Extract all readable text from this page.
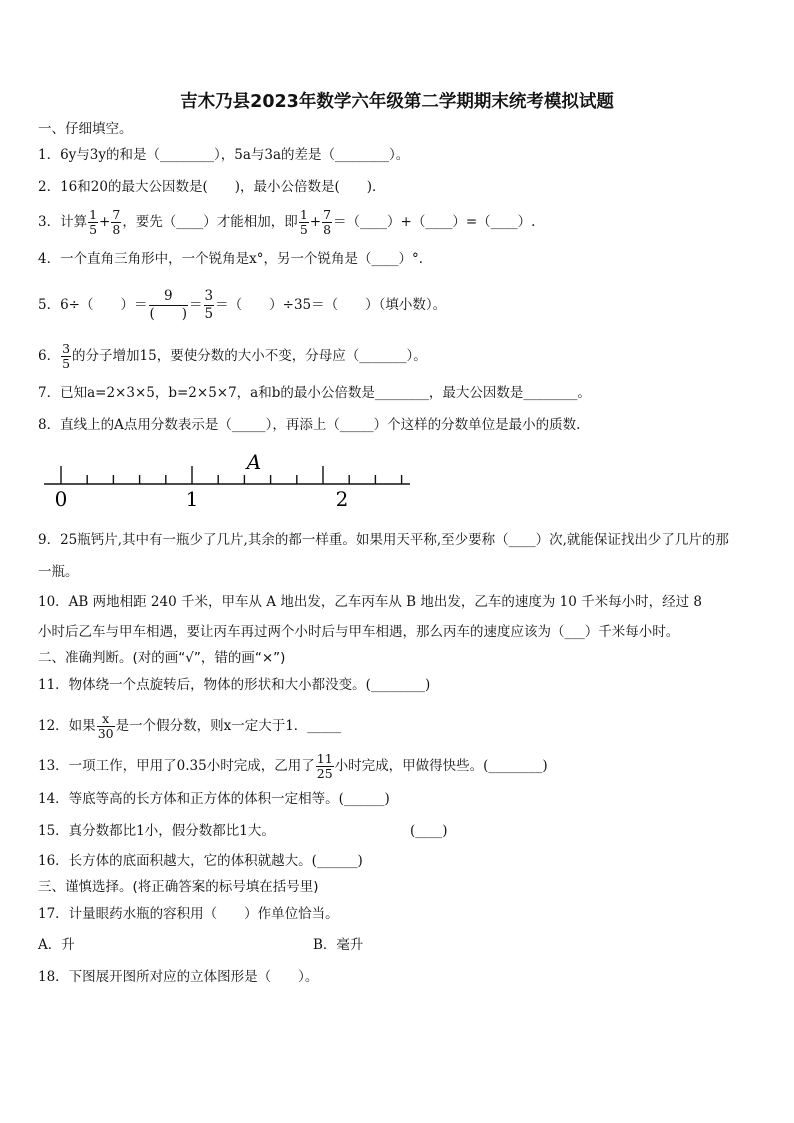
吉木乃县2023年数学六年级第二学期期末统考模拟试题
一、仔细填空。
1．6y与3y的和是（________），5a与3a的差是（________）。
2．16和20的最大公因数是(　　)，最小公倍数是(　　)．
3．计算 $\frac{1}{5} + \frac{7}{8}$ ，要先（____）才能相加，即 $\frac{1}{5} + \frac{7}{8}$ ＝（____）+（____）=（____）.
4．一个直角三角形中，一个锐角是x°，另一个锐角是（____）°．
5．6÷（　　）＝ $\frac{9}{( )} = \frac{3}{5}$ ＝（　　）÷35＝（　　）（填小数）。
6． $\frac{3}{5}$ 的分子增加15，要使分数的大小不变，分母应（_______）。
7．已知a=2×3×5，b=2×5×7，a和b的最小公倍数是________，最大公因数是________。
8．直线上的A点用分数表示是（_____），再添上（_____）个这样的分数单位是最小的质数.
0	1	2
A
9．25瓶钙片,其中有一瓶少了几片,其余的都一样重。如果用天平称,至少要称（____）次,就能保证找出少了几片的那
一瓶。
10．AB 两地相距 240 千米，甲车从 A 地出发，乙车丙车从 B 地出发，乙车的速度为 10 千米每小时，经过 8
小时后乙车与甲车相遇，要让丙车再过两个小时后与甲车相遇，那么丙车的速度应该为（___）千米每小时。
二、准确判断。(对的画“√”，错的画“×”)
11．物体绕一个点旋转后，物体的形状和大小都没变。(________)
12．如果 $\frac{x}{30}$ 是一个假分数，则x一定大于1．_____
13．一项工作，甲用了0.35小时完成，乙用了 $\frac{11}{25}$ 小时完成，甲做得快些。(________)
14．等底等高的长方体和正方体的体积一定相等。(______)
15．真分数都比1小，假分数都比1大。	(____)
16．长方体的底面积越大，它的体积就越大。(______)
三、谨慎选择。(将正确答案的标号填在括号里)
17．计量眼药水瓶的容积用（　　）作单位恰当。
A．升	B．毫升
18．下图展开图所对应的立体图形是（　　）。
